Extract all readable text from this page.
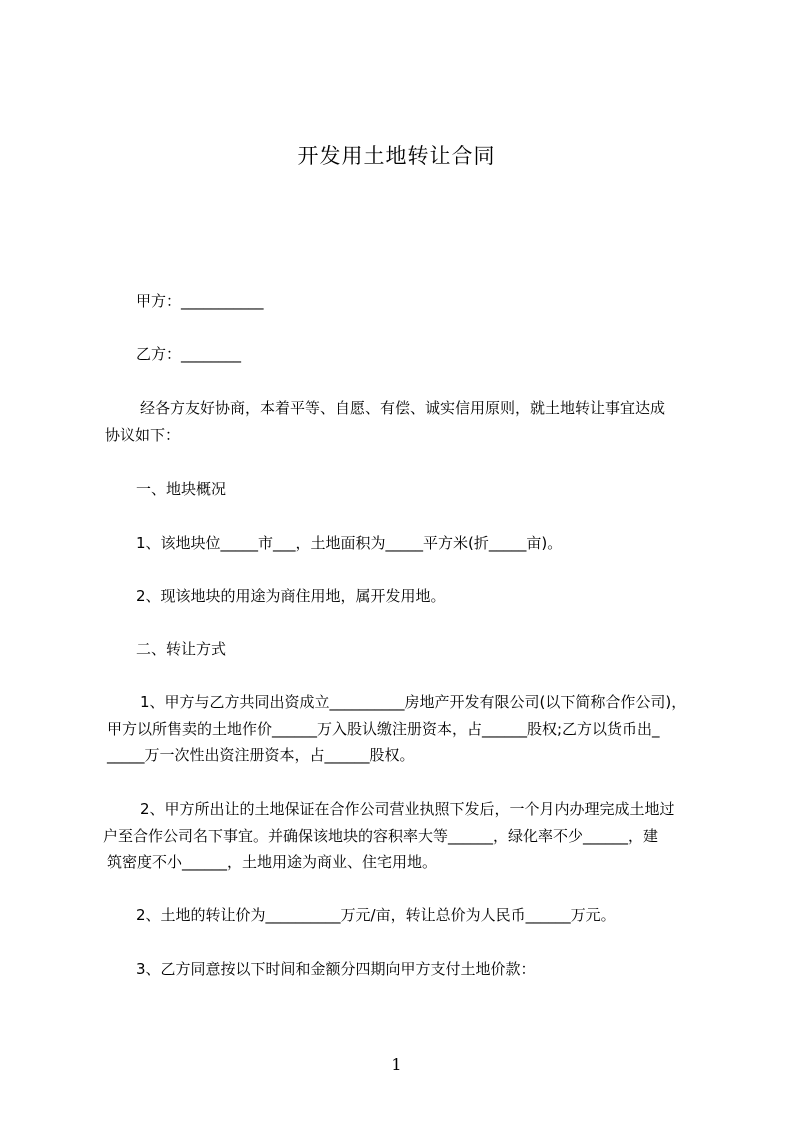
开发用土地转让合同
甲方：___________
乙方：________
经各方友好协商，本着平等、自愿、有偿、诚实信用原则，就土地转让事宜达成
协议如下：
一、地块概况
1、该地块位_____市___，土地面积为_____平方米(折_____亩)。
2、现该地块的用途为商住用地，属开发用地。
二、转让方式
1、甲方与乙方共同出资成立__________房地产开发有限公司(以下简称合作公司)，
甲方以所售卖的土地作价______万入股认缴注册资本，占______股权;乙方以货币出_
_____万一次性出资注册资本，占______股权。
2、甲方所出让的土地保证在合作公司营业执照下发后，一个月内办理完成土地过
户至合作公司名下事宜。并确保该地块的容积率大等______，绿化率不少______，建
筑密度不小______，土地用途为商业、住宅用地。
2、土地的转让价为__________万元/亩，转让总价为人民币______万元。
3、乙方同意按以下时间和金额分四期向甲方支付土地价款：
1
